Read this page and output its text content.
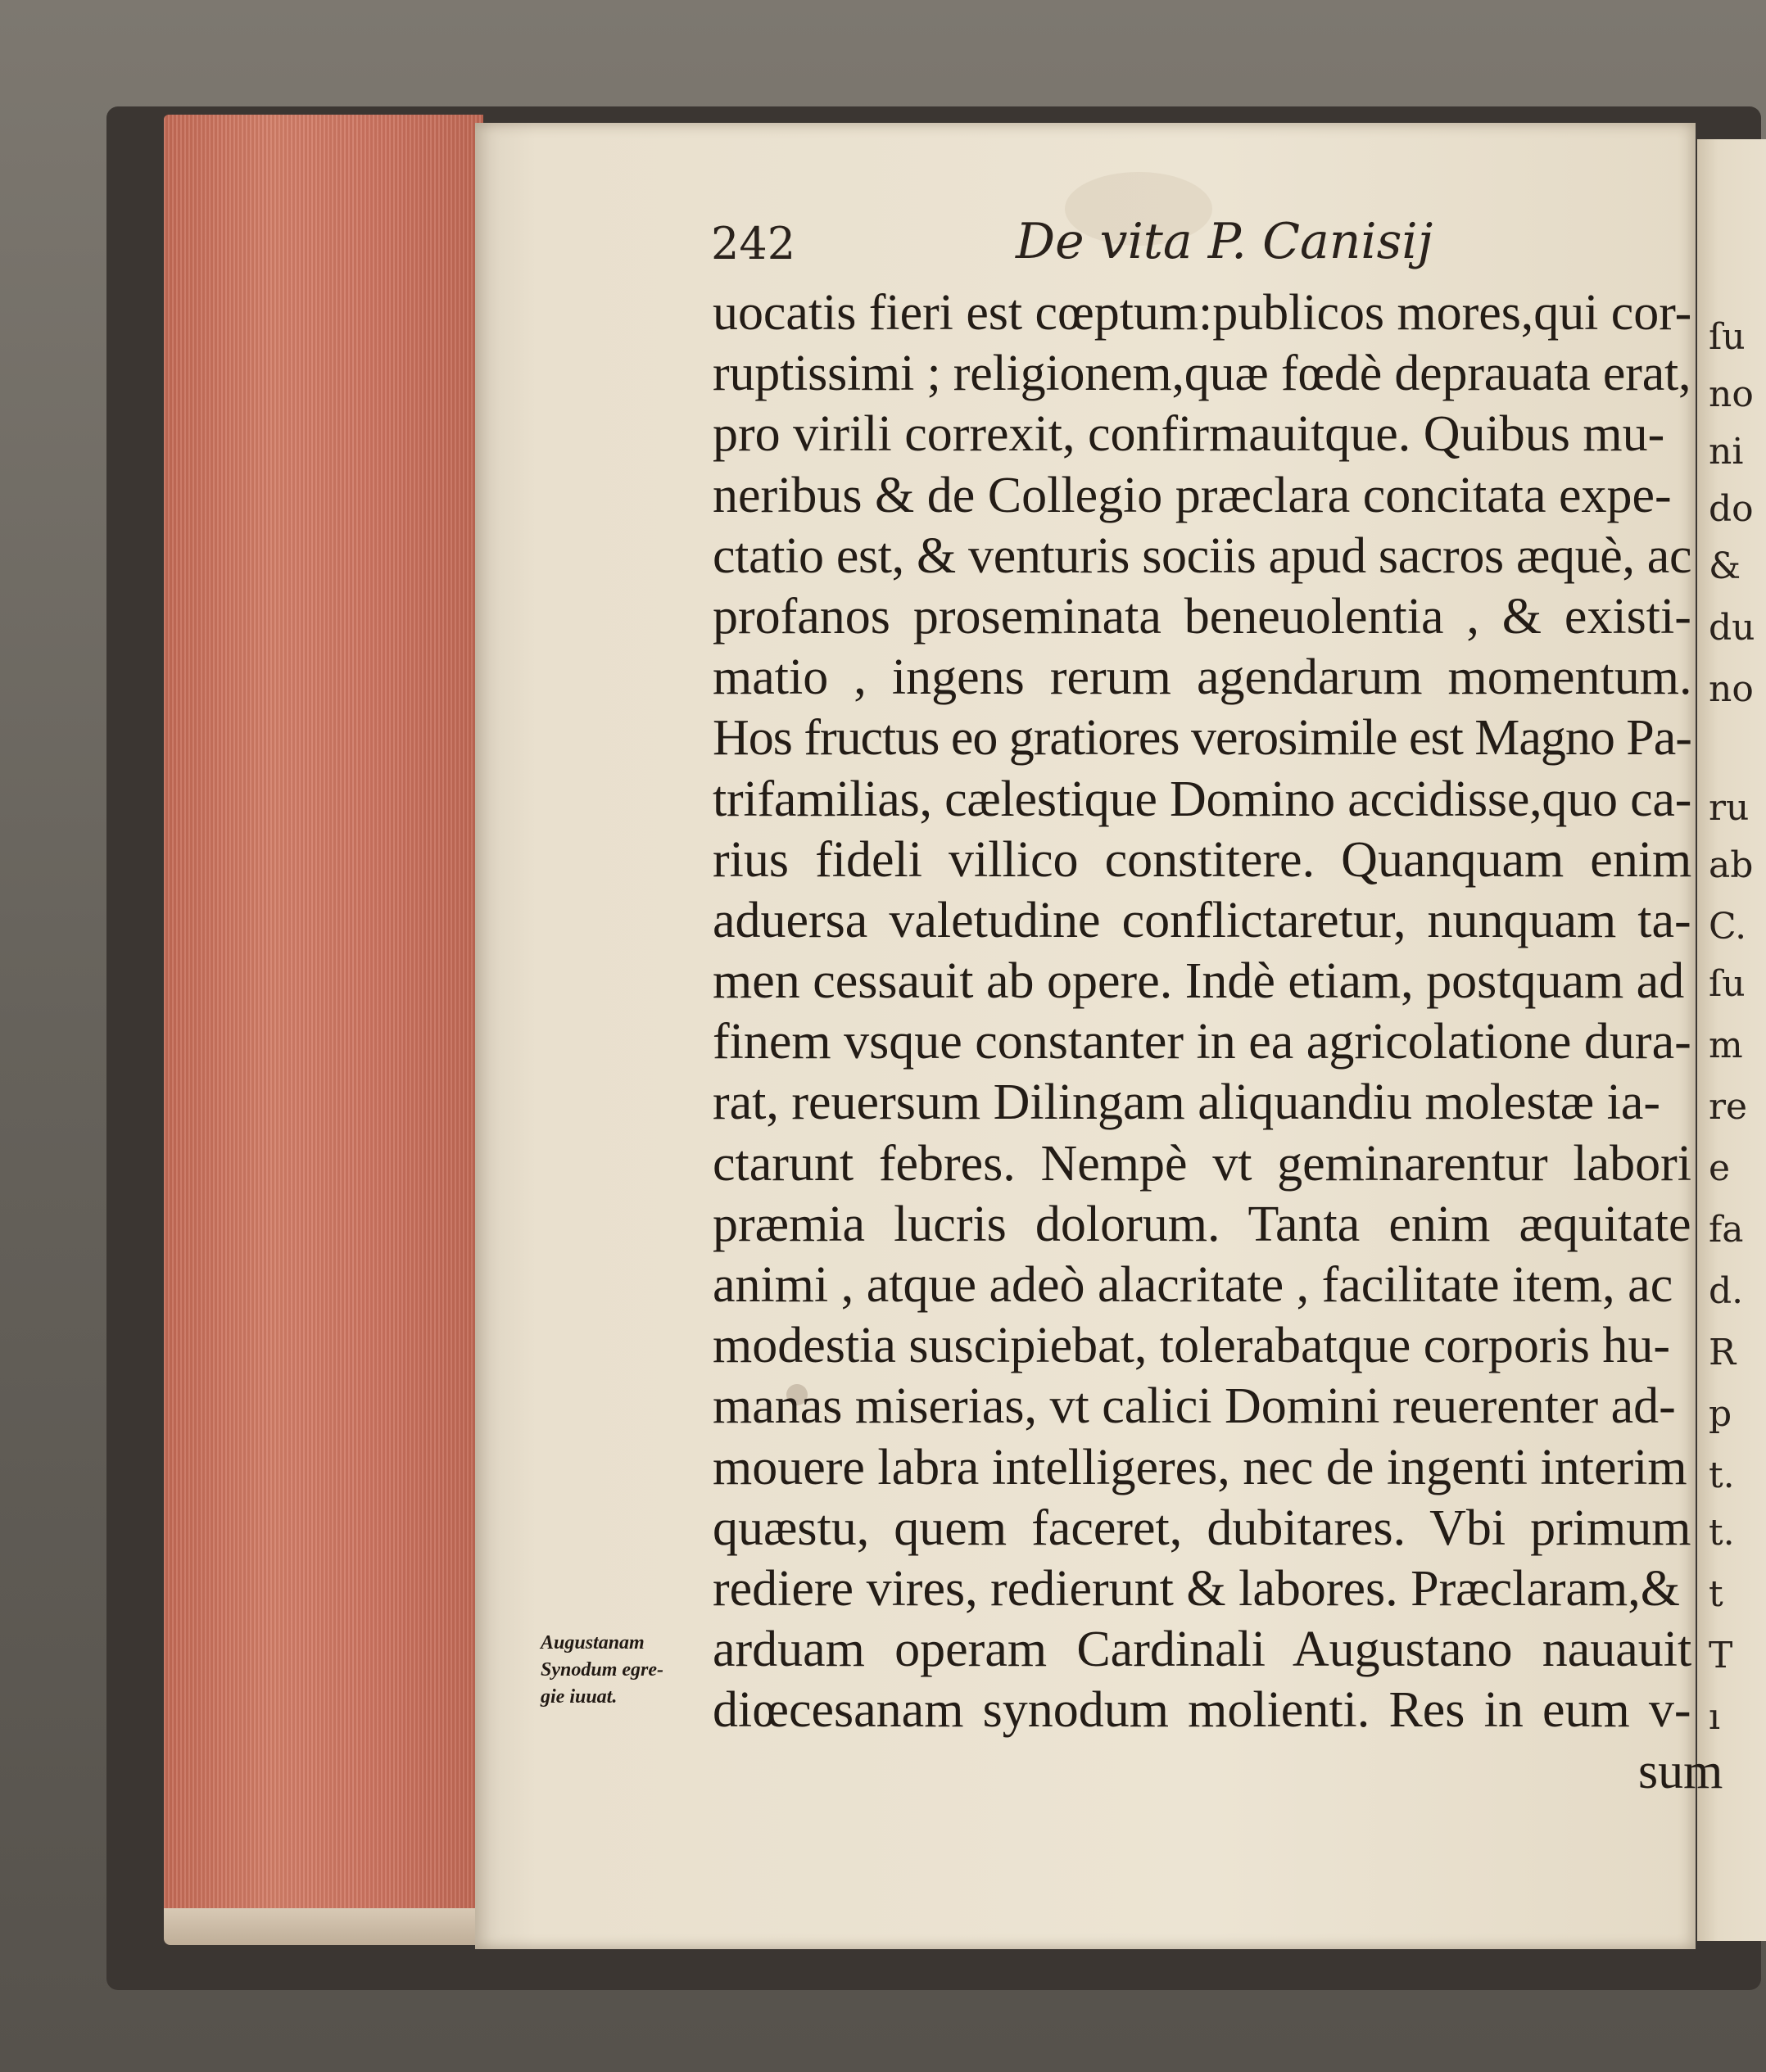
ſu
no
ni
do
&
du
no
ru
ab
C.
ſu
m
re
e
fa
d.
R
p
t.
t.
t
T
ı
242	De vita P. Canisij
uocatis fieri est cœptum:publicos mores,qui cor-
ruptissimi ; religionem,quæ fœdè deprauata erat,
pro virili correxit, confirmauitque. Quibus mu-
neribus & de Collegio præclara concitata expe-
ctatio est, & venturis sociis apud sacros æquè, ac
profanos proseminata beneuolentia , & existi-
matio , ingens rerum agendarum momentum.
Hos fructus eo gratiores verosimile est Magno Pa-
trifamilias, cælestique Domino accidisse,quo ca-
rius fideli villico constitere. Quanquam enim
aduersa valetudine conflictaretur, nunquam ta-
men cessauit ab opere. Indè etiam, postquam ad
finem vsque constanter in ea agricolatione dura-
rat, reuersum Dilingam aliquandiu molestæ ia-
ctarunt febres. Nempè vt geminarentur labori
præmia lucris dolorum. Tanta enim æquitate
animi , atque adeò alacritate , facilitate item, ac
modestia suscipiebat, tolerabatque corporis hu-
manas miserias, vt calici Domini reuerenter ad-
mouere labra intelligeres, nec de ingenti interim
quæstu, quem faceret, dubitares. Vbi primum
rediere vires, redierunt & labores. Præclaram,&
arduam operam Cardinali Augustano nauauit
diœcesanam synodum molienti. Res in eum v-
sum
Augustanam
Synodum egre-
gie iuuat.
